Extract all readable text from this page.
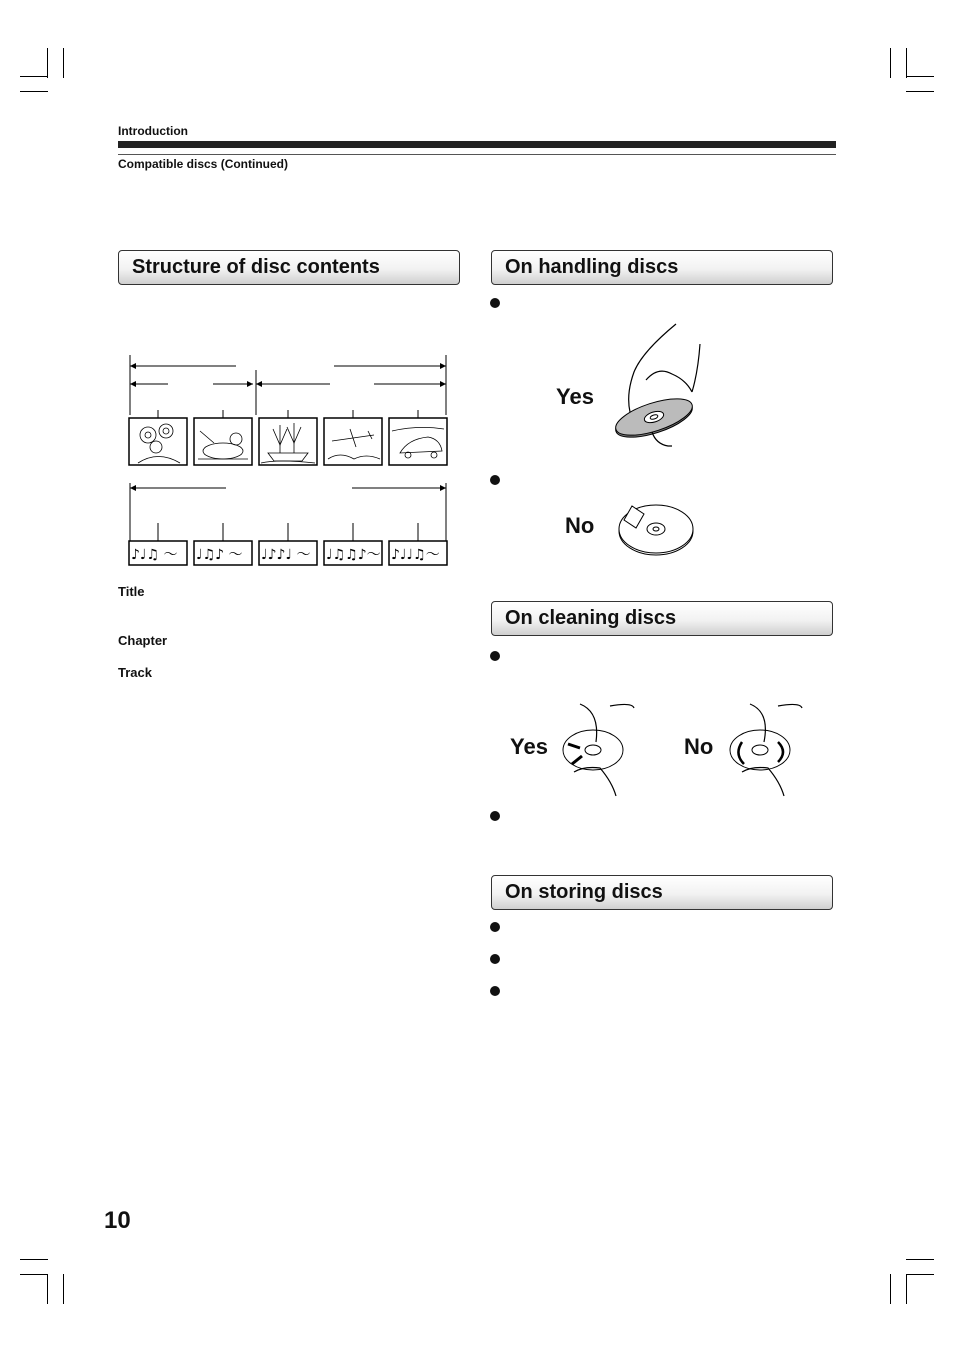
Introduction
Compatible discs (Continued)
Structure of disc contents
♪♩♫ ～ ♩♫♪ ～ ♩♪♪♩ ～ ♩♫♫♪～ ♪♩♩♫～
Title
Chapter
Track
On handling discs
Yes
No
On cleaning discs
Yes	No
On storing discs
10
